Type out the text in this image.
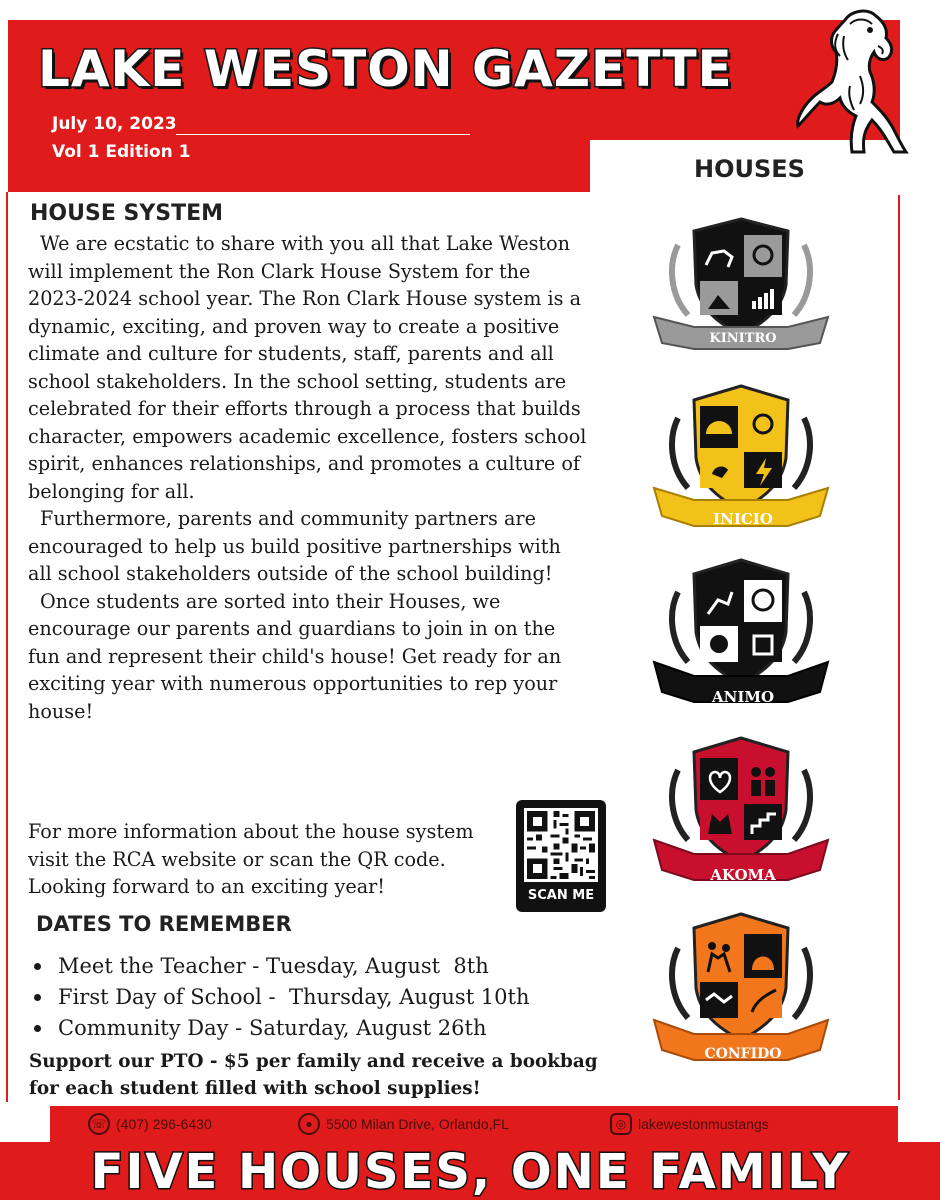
LAKE WESTON GAZETTE
July 10, 2023
Vol 1 Edition 1
HOUSES
KINITRO
INICIO
ANIMO
AKOMA
CONFIDO
HOUSE SYSTEM

We are ecstatic to share with you all that Lake Weston will implement the Ron Clark House System for the 2023-2024 school year. The Ron Clark House system is a dynamic, exciting, and proven way to create a positive climate and culture for students, staff, parents and all school stakeholders. In the school setting, students are celebrated for their efforts through a process that builds character, empowers academic excellence, fosters school spirit, enhances relationships, and promotes a culture of belonging for all.

Furthermore, parents and community partners are encouraged to help us build positive partnerships with all school stakeholders outside of the school building!

Once students are sorted into their Houses, we encourage our parents and guardians to join in on the fun and represent their child's house! Get ready for an exciting year with numerous opportunities to rep your house!

For more information about the house system visit the RCA website or scan the QR code. Looking forward to an exciting year!	SCAN ME
DATES TO REMEMBER
Meet the Teacher - Tuesday, August  8th
First Day of School -  Thursday, August 10th
Community Day - Saturday, August 26th
Support our PTO - $5 per family and receive a bookbag for each student filled with school supplies!
☏ (407) 296-6430	● 5500 Milan Drive, Orlando,FL	◎ lakewestonmustangs
FIVE HOUSES, ONE FAMILY
